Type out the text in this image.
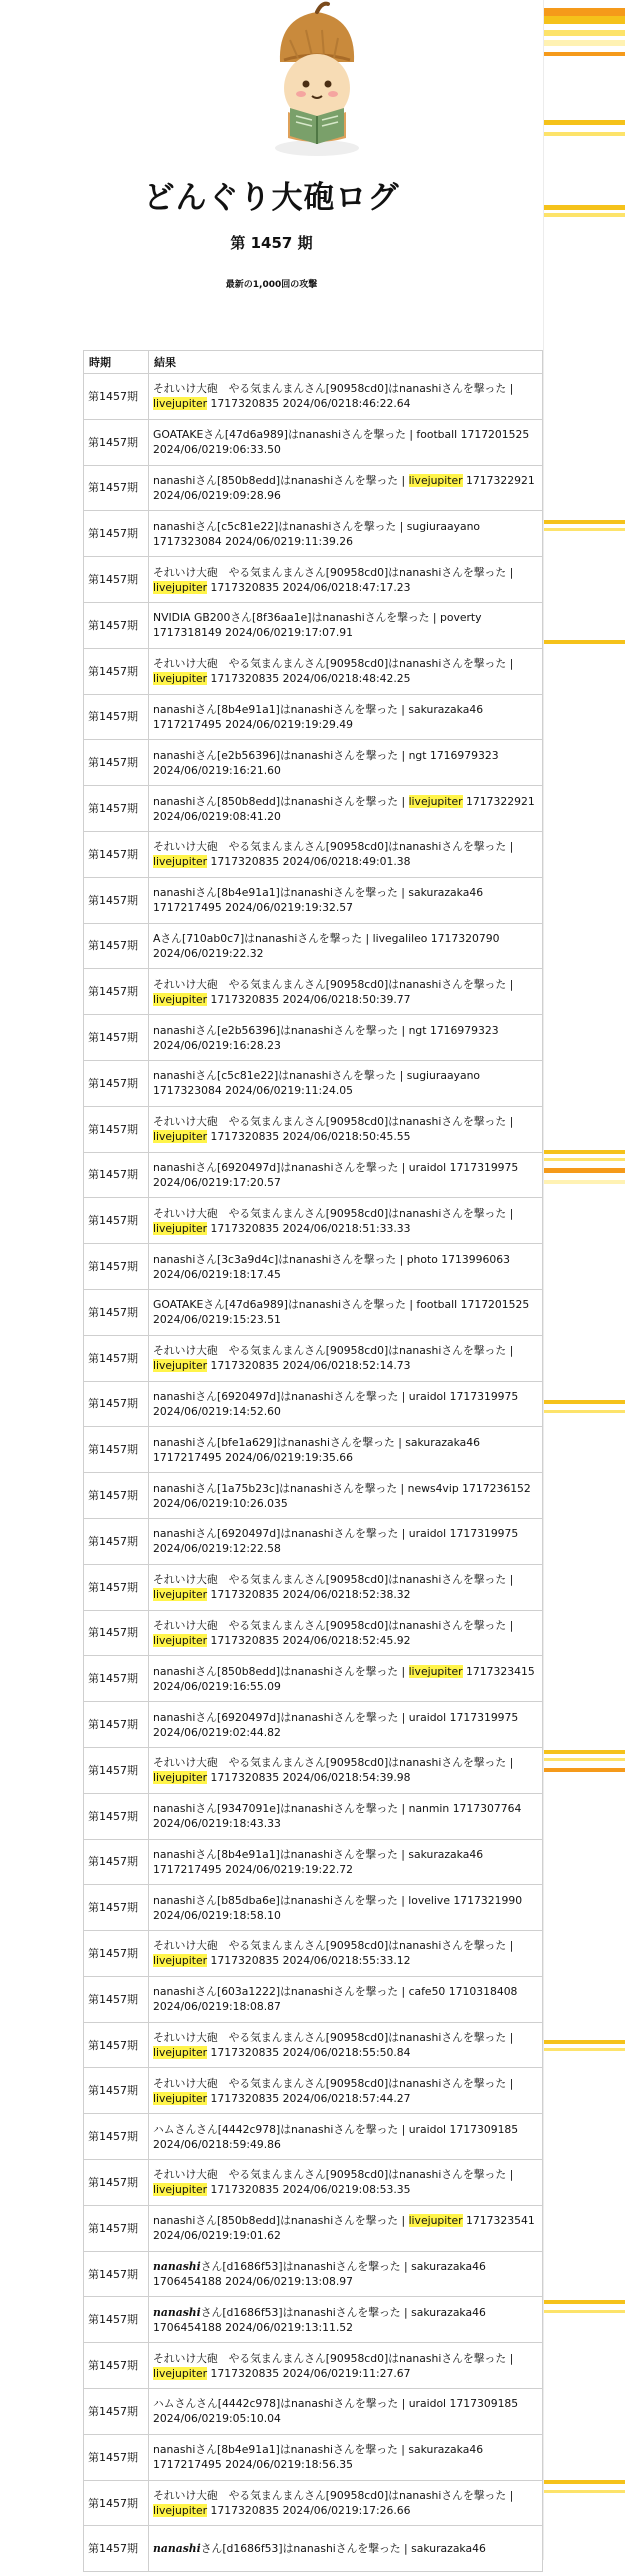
どんぐり大砲ログ
第 1457 期

最新の1,000回の攻撃

時期	結果
第1457期	それいけ大砲　やる気まんまんさん[90958cd0]はnanashiさんを撃った | livejupiter 1717320835 2024/06/0218:46:22.64
第1457期	GOATAKEさん[47d6a989]はnanashiさんを撃った | football 1717201525 2024/06/0219:06:33.50
第1457期	nanashiさん[850b8edd]はnanashiさんを撃った | livejupiter 1717322921 2024/06/0219:09:28.96
第1457期	nanashiさん[c5c81e22]はnanashiさんを撃った | sugiuraayano 1717323084 2024/06/0219:11:39.26
第1457期	それいけ大砲　やる気まんまんさん[90958cd0]はnanashiさんを撃った | livejupiter 1717320835 2024/06/0218:47:17.23
第1457期	NVIDIA GB200さん[8f36aa1e]はnanashiさんを撃った | poverty 1717318149 2024/06/0219:17:07.91
第1457期	それいけ大砲　やる気まんまんさん[90958cd0]はnanashiさんを撃った | livejupiter 1717320835 2024/06/0218:48:42.25
第1457期	nanashiさん[8b4e91a1]はnanashiさんを撃った | sakurazaka46 1717217495 2024/06/0219:19:29.49
第1457期	nanashiさん[e2b56396]はnanashiさんを撃った | ngt 1716979323 2024/06/0219:16:21.60
第1457期	nanashiさん[850b8edd]はnanashiさんを撃った | livejupiter 1717322921 2024/06/0219:08:41.20
第1457期	それいけ大砲　やる気まんまんさん[90958cd0]はnanashiさんを撃った | livejupiter 1717320835 2024/06/0218:49:01.38
第1457期	nanashiさん[8b4e91a1]はnanashiさんを撃った | sakurazaka46 1717217495 2024/06/0219:19:32.57
第1457期	Aさん[710ab0c7]はnanashiさんを撃った | livegalileo 1717320790 2024/06/0219:22.32
第1457期	それいけ大砲　やる気まんまんさん[90958cd0]はnanashiさんを撃った | livejupiter 1717320835 2024/06/0218:50:39.77
第1457期	nanashiさん[e2b56396]はnanashiさんを撃った | ngt 1716979323 2024/06/0219:16:28.23
第1457期	nanashiさん[c5c81e22]はnanashiさんを撃った | sugiuraayano 1717323084 2024/06/0219:11:24.05
第1457期	それいけ大砲　やる気まんまんさん[90958cd0]はnanashiさんを撃った | livejupiter 1717320835 2024/06/0218:50:45.55
第1457期	nanashiさん[6920497d]はnanashiさんを撃った | uraidol 1717319975 2024/06/0219:17:20.57
第1457期	それいけ大砲　やる気まんまんさん[90958cd0]はnanashiさんを撃った | livejupiter 1717320835 2024/06/0218:51:33.33
第1457期	nanashiさん[3c3a9d4c]はnanashiさんを撃った | photo 1713996063 2024/06/0219:18:17.45
第1457期	GOATAKEさん[47d6a989]はnanashiさんを撃った | football 1717201525 2024/06/0219:15:23.51
第1457期	それいけ大砲　やる気まんまんさん[90958cd0]はnanashiさんを撃った | livejupiter 1717320835 2024/06/0218:52:14.73
第1457期	nanashiさん[6920497d]はnanashiさんを撃った | uraidol 1717319975 2024/06/0219:14:52.60
第1457期	nanashiさん[bfe1a629]はnanashiさんを撃った | sakurazaka46 1717217495 2024/06/0219:19:35.66
第1457期	nanashiさん[1a75b23c]はnanashiさんを撃った | news4vip 1717236152 2024/06/0219:10:26.035
第1457期	nanashiさん[6920497d]はnanashiさんを撃った | uraidol 1717319975 2024/06/0219:12:22.58
第1457期	それいけ大砲　やる気まんまんさん[90958cd0]はnanashiさんを撃った | livejupiter 1717320835 2024/06/0218:52:38.32
第1457期	それいけ大砲　やる気まんまんさん[90958cd0]はnanashiさんを撃った | livejupiter 1717320835 2024/06/0218:52:45.92
第1457期	nanashiさん[850b8edd]はnanashiさんを撃った | livejupiter 1717323415 2024/06/0219:16:55.09
第1457期	nanashiさん[6920497d]はnanashiさんを撃った | uraidol 1717319975 2024/06/0219:02:44.82
第1457期	それいけ大砲　やる気まんまんさん[90958cd0]はnanashiさんを撃った | livejupiter 1717320835 2024/06/0218:54:39.98
第1457期	nanashiさん[9347091e]はnanashiさんを撃った | nanmin 1717307764 2024/06/0219:18:43.33
第1457期	nanashiさん[8b4e91a1]はnanashiさんを撃った | sakurazaka46 1717217495 2024/06/0219:19:22.72
第1457期	nanashiさん[b85dba6e]はnanashiさんを撃った | lovelive 1717321990 2024/06/0219:18:58.10
第1457期	それいけ大砲　やる気まんまんさん[90958cd0]はnanashiさんを撃った | livejupiter 1717320835 2024/06/0218:55:33.12
第1457期	nanashiさん[603a1222]はnanashiさんを撃った | cafe50 1710318408 2024/06/0219:18:08.87
第1457期	それいけ大砲　やる気まんまんさん[90958cd0]はnanashiさんを撃った | livejupiter 1717320835 2024/06/0218:55:50.84
第1457期	それいけ大砲　やる気まんまんさん[90958cd0]はnanashiさんを撃った | livejupiter 1717320835 2024/06/0218:57:44.27
第1457期	ハムさんさん[4442c978]はnanashiさんを撃った | uraidol 1717309185 2024/06/0218:59:49.86
第1457期	それいけ大砲　やる気まんまんさん[90958cd0]はnanashiさんを撃った | livejupiter 1717320835 2024/06/0219:08:53.35
第1457期	nanashiさん[850b8edd]はnanashiさんを撃った | livejupiter 1717323541 2024/06/0219:19:01.62
第1457期	nanashiさん[d1686f53]はnanashiさんを撃った | sakurazaka46 1706454188 2024/06/0219:13:08.97
第1457期	nanashiさん[d1686f53]はnanashiさんを撃った | sakurazaka46 1706454188 2024/06/0219:13:11.52
第1457期	それいけ大砲　やる気まんまんさん[90958cd0]はnanashiさんを撃った | livejupiter 1717320835 2024/06/0219:11:27.67
第1457期	ハムさんさん[4442c978]はnanashiさんを撃った | uraidol 1717309185 2024/06/0219:05:10.04
第1457期	nanashiさん[8b4e91a1]はnanashiさんを撃った | sakurazaka46 1717217495 2024/06/0219:18:56.35
第1457期	それいけ大砲　やる気まんまんさん[90958cd0]はnanashiさんを撃った | livejupiter 1717320835 2024/06/0219:17:26.66
第1457期	nanashiさん[d1686f53]はnanashiさんを撃った | sakurazaka46
